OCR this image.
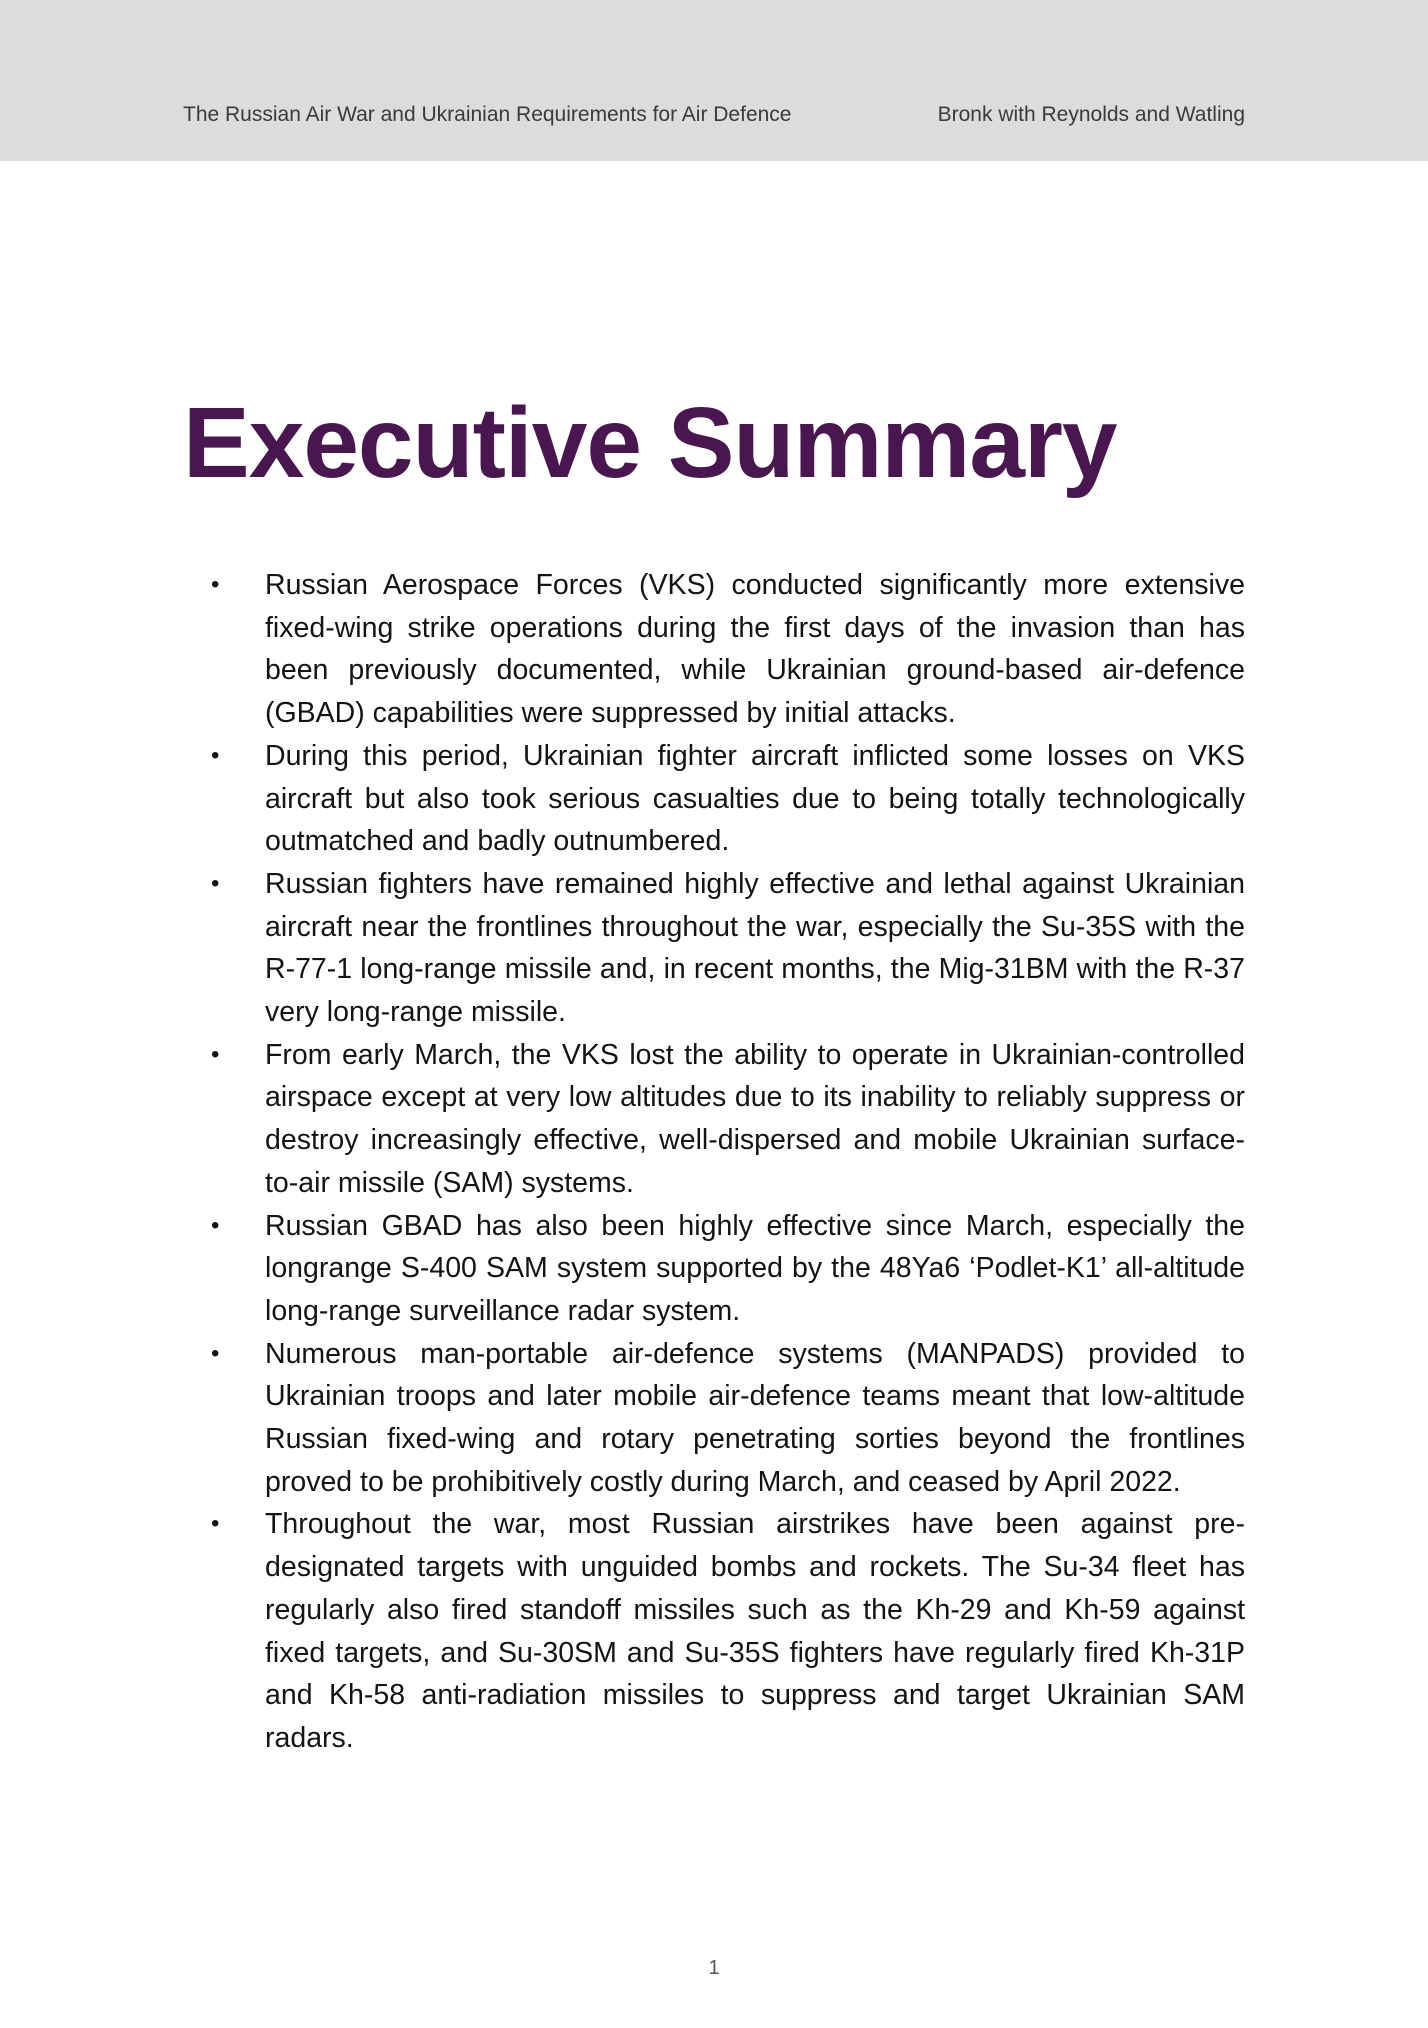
The Russian Air War and Ukrainian Requirements for Air Defence	Bronk with Reynolds and Watling
Executive Summary
• Russian Aerospace Forces (VKS) conducted significantly more extensive fixed-wing strike operations during the first days of the invasion than has been previously documented, while Ukrainian ground-based air-defence (GBAD) capabilities were suppressed by initial attacks.
• During this period, Ukrainian fighter aircraft inflicted some losses on VKS aircraft but also took serious casualties due to being totally technologically outmatched and badly outnumbered.
• Russian fighters have remained highly effective and lethal against Ukrainian aircraft near the frontlines throughout the war, especially the Su-35S with the R-77-1 long-range missile and, in recent months, the Mig-31BM with the R-37 very long-range missile.
• From early March, the VKS lost the ability to operate in Ukrainian-controlled airspace except at very low altitudes due to its inability to reliably suppress or destroy increasingly effective, well-dispersed and mobile Ukrainian surface-to-air missile (SAM) systems.
• Russian GBAD has also been highly effective since March, especially the longrange S-400 SAM system supported by the 48Ya6 ‘Podlet-K1’ all-altitude long-range surveillance radar system.
• Numerous man-portable air-defence systems (MANPADS) provided to Ukrainian troops and later mobile air-defence teams meant that low-altitude Russian fixed-wing and rotary penetrating sorties beyond the frontlines proved to be prohibitively costly during March, and ceased by April 2022.
• Throughout the war, most Russian airstrikes have been against pre-designated targets with unguided bombs and rockets. The Su-34 fleet has regularly also fired standoff missiles such as the Kh-29 and Kh-59 against fixed targets, and Su-30SM and Su-35S fighters have regularly fired Kh-31P and Kh-58 anti-radiation missiles to suppress and target Ukrainian SAM radars.
1
